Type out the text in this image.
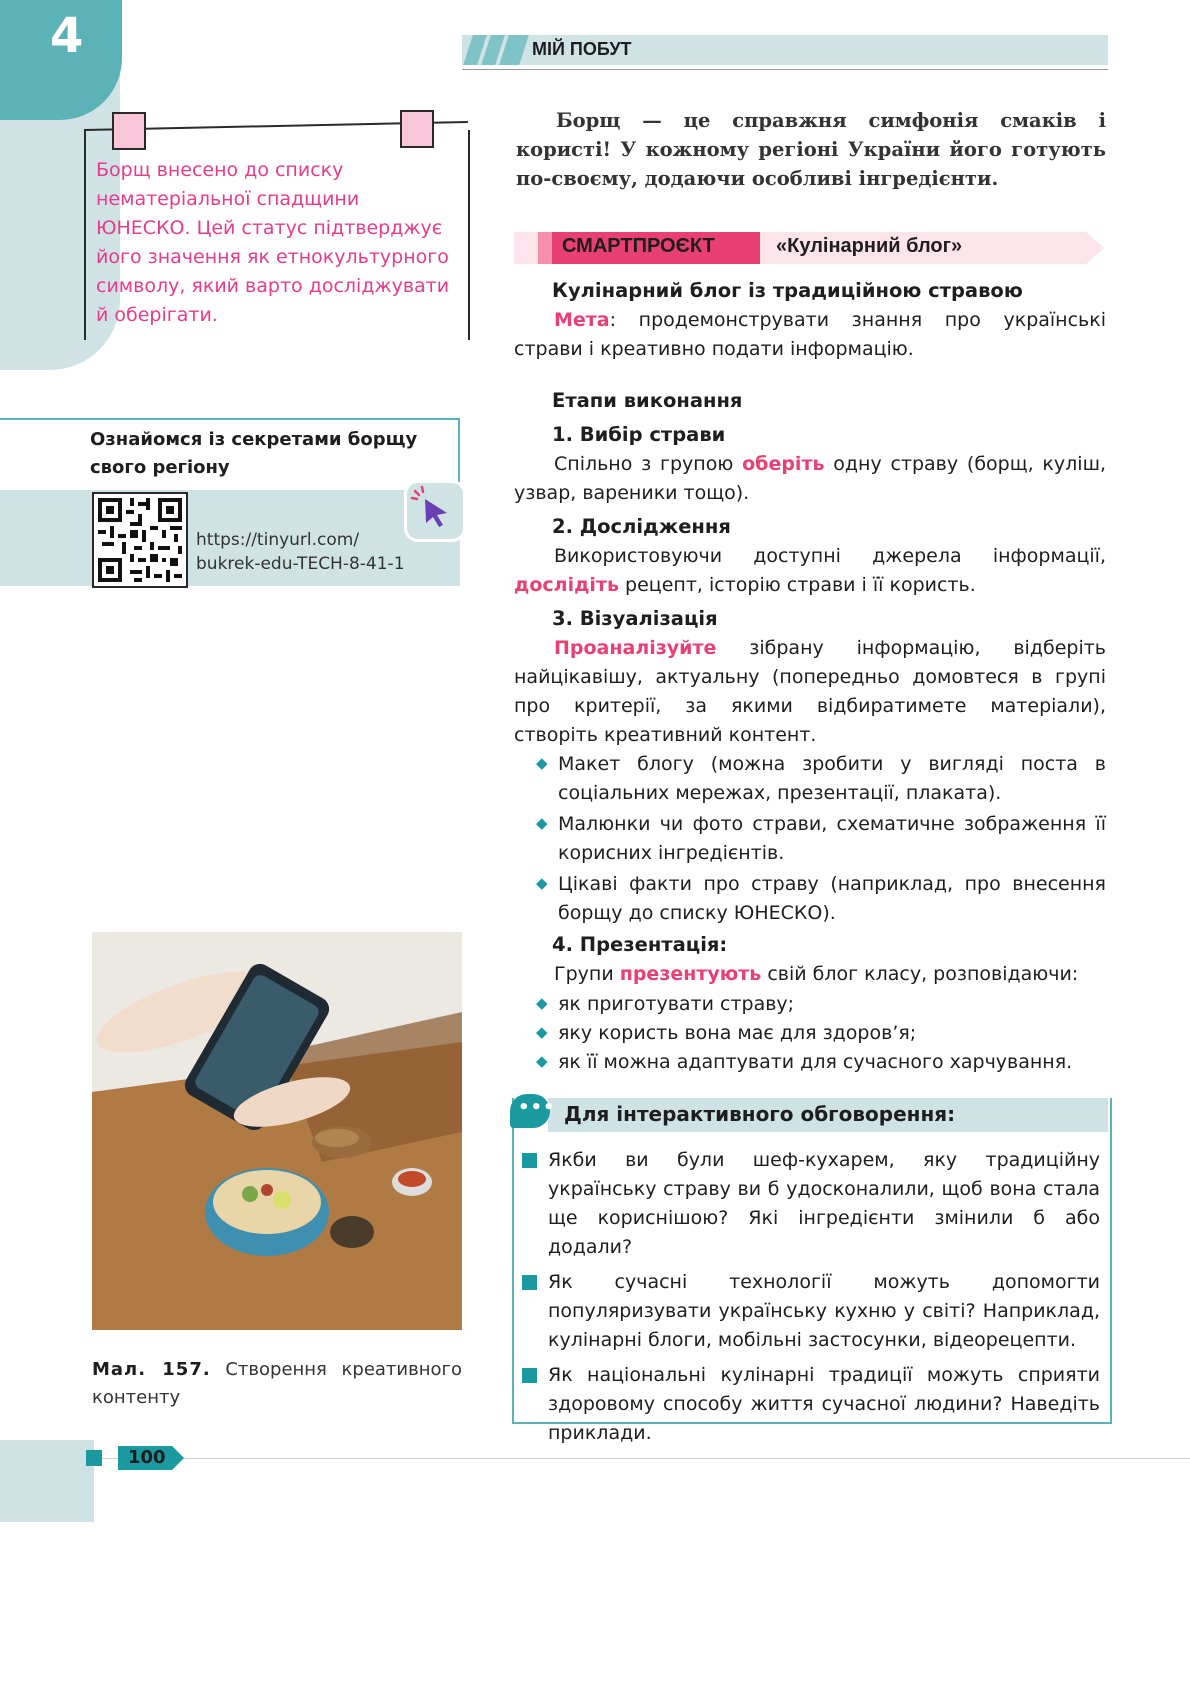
4	МІЙ ПОБУТ
Борщ внесено до списку нематеріальної спадщини ЮНЕСКО. Цей статус підтверджує його значення як етнокультурного символу, який варто досліджувати й оберігати.
Ознайомся із секретами борщу свого регіону
https://tinyurl.com/
bukrek-edu-TECH-8-41-1
Мал. 157. Створення креативного контенту
100
Борщ — це справжня симфонія смаків і користі! У кожному регіоні України його готують по-своєму, додаючи особливі інгредієнти.
СМАРТПРОЄКТ	«Кулінарний блог»
Кулінарний блог із традиційною стравою
Мета: продемонструвати знання про українські страви і креативно подати інформацію.
Етапи виконання
1. Вибір страви
Спільно з групою оберіть одну страву (борщ, куліш, узвар, вареники тощо).
2. Дослідження
Використовуючи доступні джерела інформації, дослідіть рецепт, історію страви і її користь.
3. Візуалізація
Проаналізуйте зібрану інформацію, відберіть найцікавішу, актуальну (попередньо домовтеся в групі про критерії, за якими відбиратимете матеріали), створіть креативний контент.
◆ Макет блогу (можна зробити у вигляді поста в соціальних мережах, презентації, плаката).
◆ Малюнки чи фото страви, схематичне зображення її корисних інгредієнтів.
◆ Цікаві факти про страву (наприклад, про внесення борщу до списку ЮНЕСКО).
4. Презентація:
Групи презентують свій блог класу, розповідаючи:
◆ як приготувати страву;
◆ яку користь вона має для здоров’я;
◆ як її можна адаптувати для сучасного харчування.
••• Для інтерактивного обговорення:
Якби ви були шеф-кухарем, яку традиційну українську страву ви б удосконалили, щоб вона стала ще кориснішою? Які інгредієнти змінили б або додали?
Як сучасні технології можуть допомогти популяризувати українську кухню у світі? Наприклад, кулінарні блоги, мобільні застосунки, відеорецепти.
Як національні кулінарні традиції можуть сприяти здоровому способу життя сучасної людини? Наведіть приклади.
